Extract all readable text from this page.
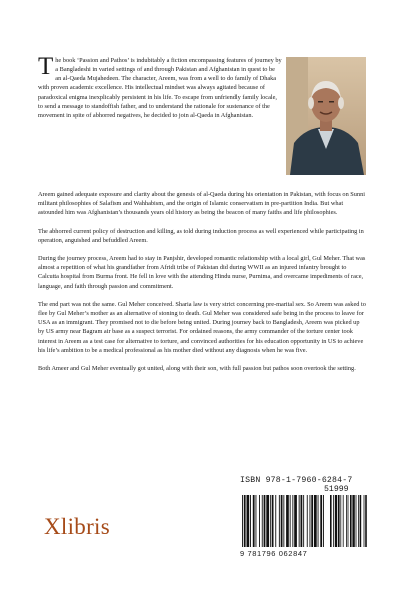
The book ‘Passion and Pathos’ is indubitably a fiction encompassing features of journey by a Bangladeshi in varied settings of and through Pakistan and Afghanistan in quest to be an al-Qaeda Mujahedeen. The character, Areem, was from a well to do family of Dhaka with proven academic excellence. His intellectual mindset was always agitated because of paradoxical enigma inexplicably persistent in his life. To escape from unfriendly family locale, to send a message to standoffish father, and to understand the rationale for sustenance of the movement in spite of abhorred negatives, he decided to join al-Qaeda in Afghanistan.

Areem gained adequate exposure and clarity about the genesis of al-Qaeda during his orientation in Pakistan, with focus on Sunni militant philosophies of Salafism and Wahhabism, and the origin of Islamic conservatism in pre-partition India. But what astounded him was Afghanistan’s thousands years old history as being the beacon of many faiths and life philosophies.

The abhorred current policy of destruction and killing, as told during induction process as well experienced while participating in operation, anguished and befuddled Areem.

During the journey process, Areem had to stay in Panjshir, developed romantic relationship with a local girl, Gul Meher. That was almost a repetition of what his grandfather from Afridi tribe of Pakistan did during WWII as an injured infantry brought to Calcutta hospital from Burma front. He fell in love with the attending Hindu nurse, Purnima, and overcame impediments of race, language, and faith through passion and commitment.

The end part was not the same. Gul Meher conceived. Sharia law is very strict concerning pre-marital sex. So Areem was asked to flee by Gul Meher’s mother as an alternative of stoning to death. Gul Meher was considered safe being in the process to leave for USA as an immigrant. They promised not to die before being united. During journey back to Bangladesh, Areem was picked up by US army near Bagram air base as a suspect terrorist. For ordained reasons, the army commander of the torture center took interest in Areem as a test case for alternative to torture, and convinced authorities for his education opportunity in US to achieve his life’s ambition to be a medical professional as his mother died without any diagnosis when he was five.

Both Ameer and Gul Meher eventually got united, along with their son, with full passion but pathos soon overtook the setting.

Xlibris
ISBN 978-1-7960-6284-7
51999
9 781796 062847
